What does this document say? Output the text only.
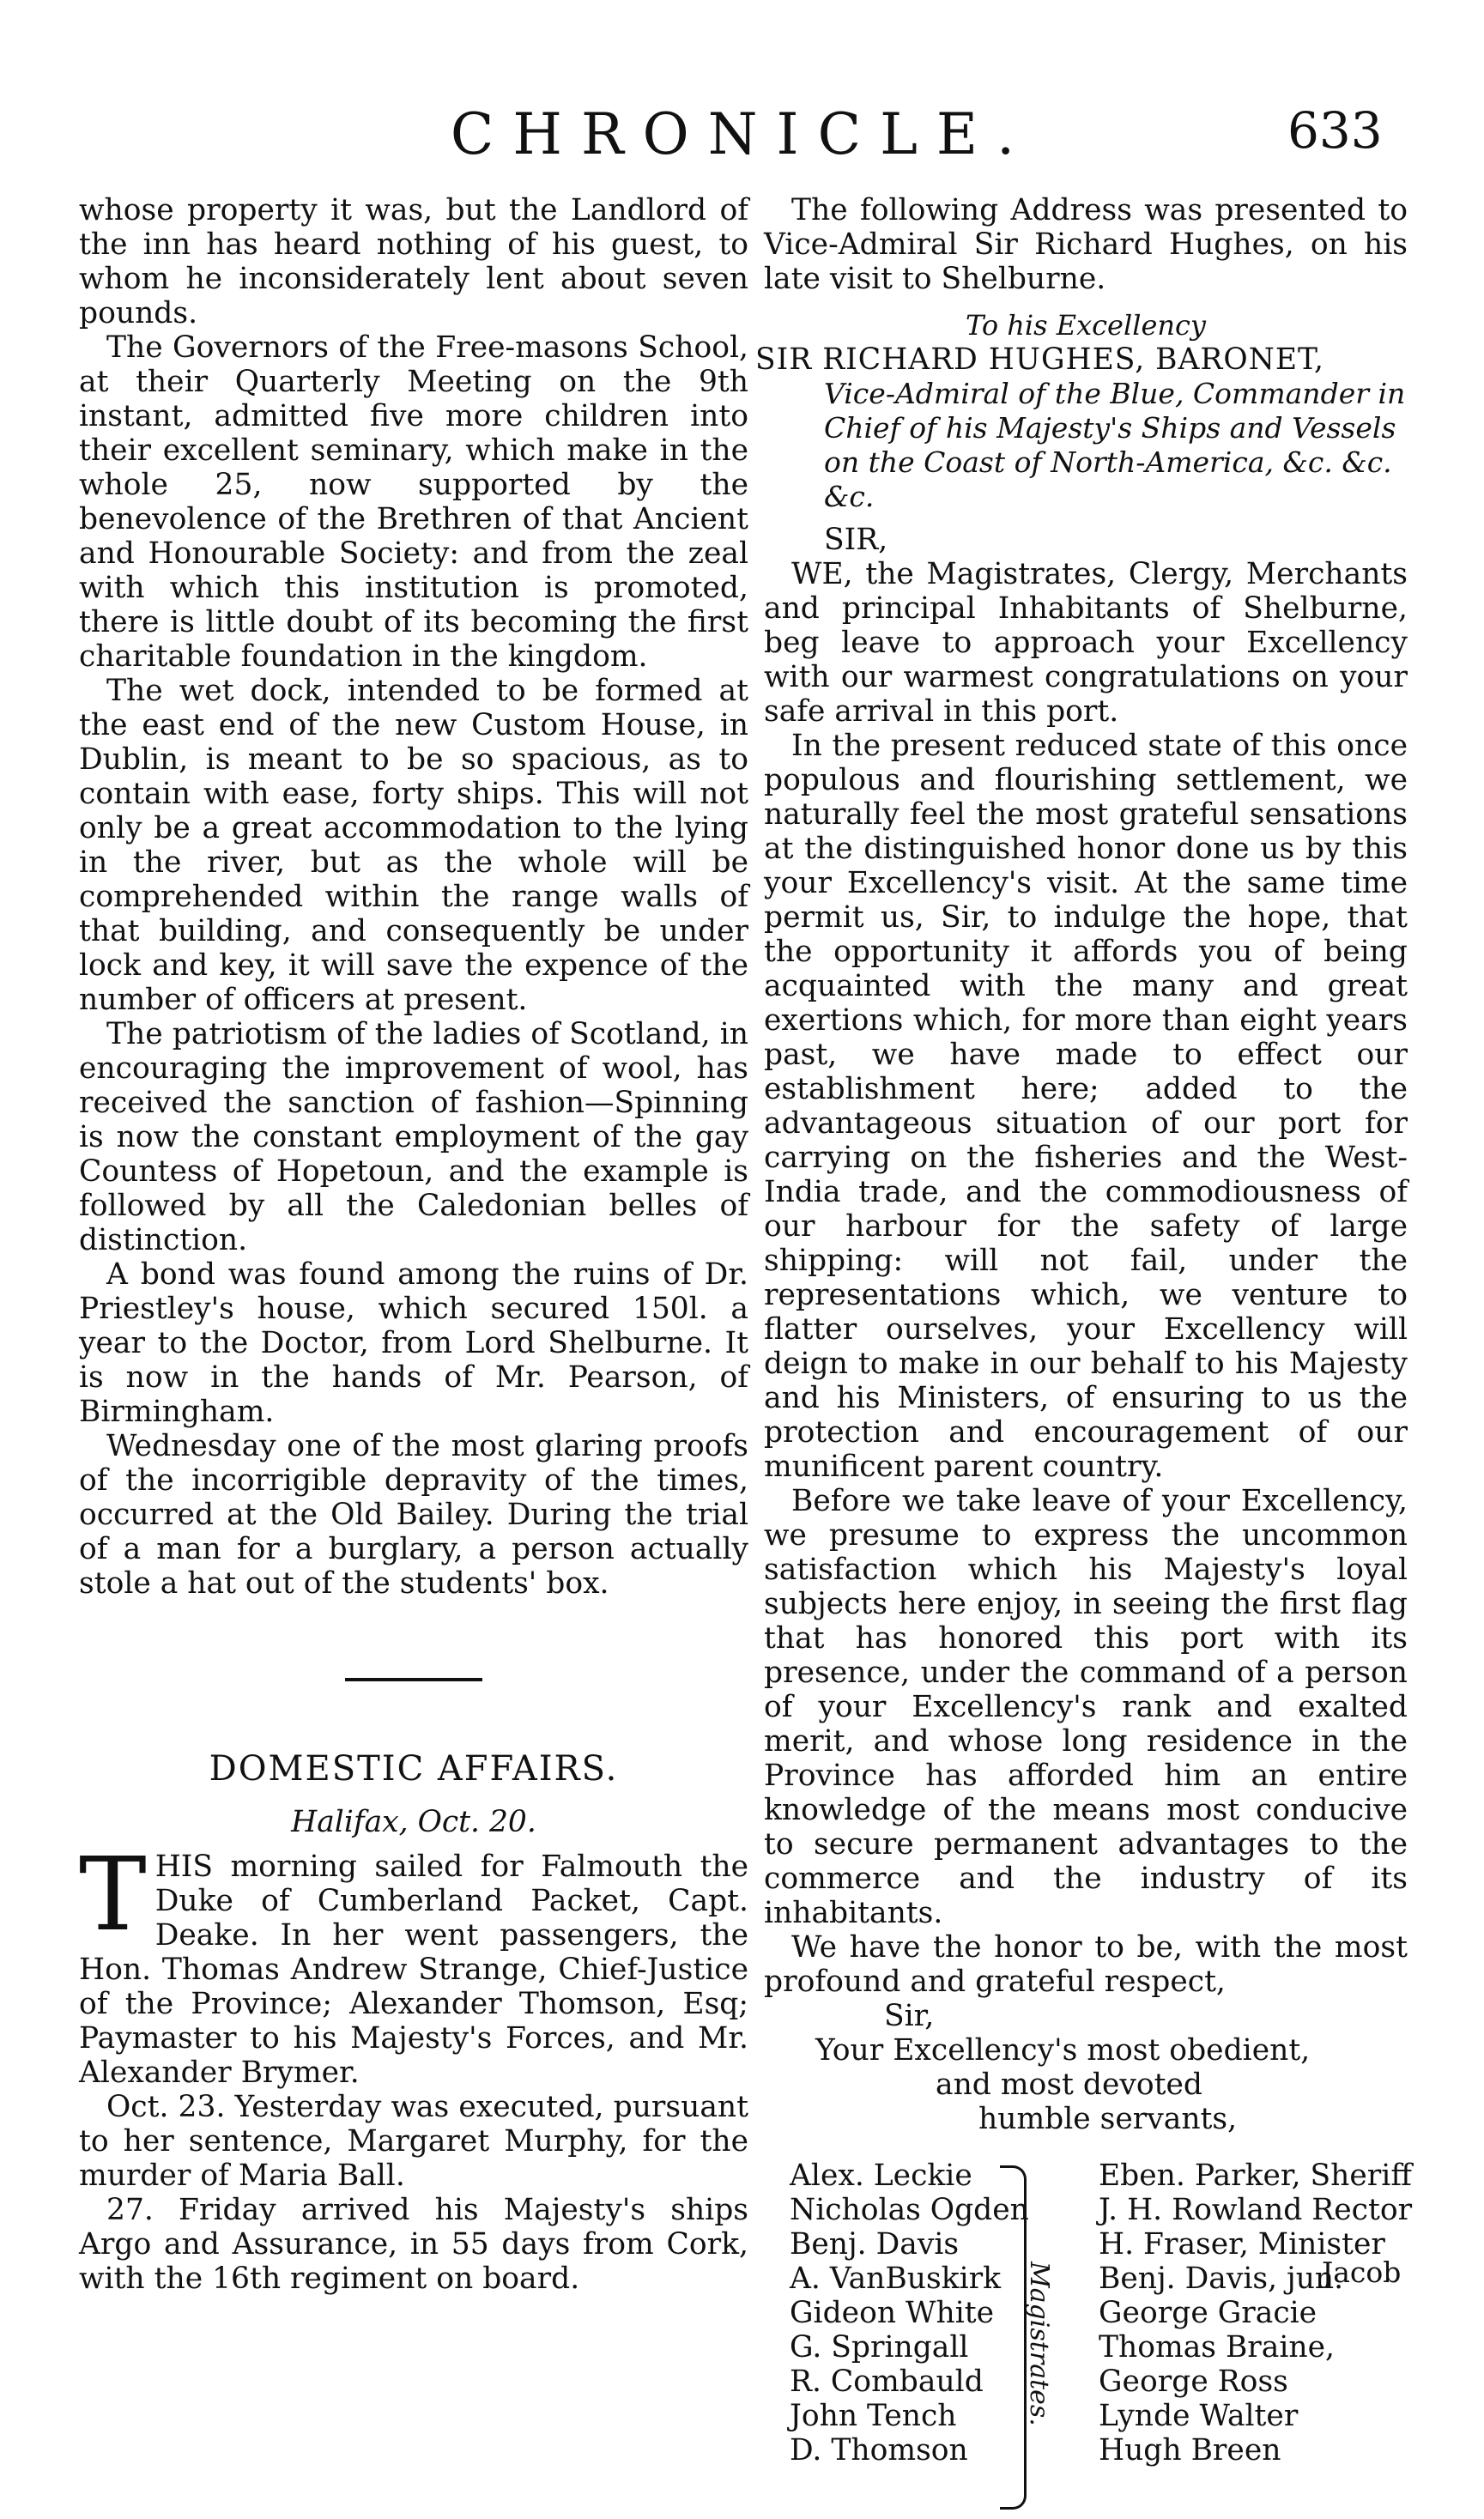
CHRONICLE.	633

whose property it was, but the Landlord of the inn has heard nothing of his guest, to whom he inconsiderately lent about seven pounds.

The Governors of the Free-masons School, at their Quarterly Meeting on the 9th instant, admitted five more children into their excellent seminary, which make in the whole 25, now supported by the benevolence of the Brethren of that Ancient and Honourable Society: and from the zeal with which this institution is promoted, there is little doubt of its becoming the first charitable foundation in the kingdom.

The wet dock, intended to be formed at the east end of the new Custom House, in Dublin, is meant to be so spacious, as to contain with ease, forty ships. This will not only be a great accommodation to the lying in the river, but as the whole will be comprehended within the range walls of that building, and consequently be under lock and key, it will save the expence of the number of officers at present.

The patriotism of the ladies of Scotland, in encouraging the improvement of wool, has received the sanction of fashion—Spinning is now the constant employment of the gay Countess of Hopetoun, and the example is followed by all the Caledonian belles of distinction.

A bond was found among the ruins of Dr. Priestley's house, which secured 150l. a year to the Doctor, from Lord Shelburne. It is now in the hands of Mr. Pearson, of Birmingham.

Wednesday one of the most glaring proofs of the incorrigible depravity of the times, occurred at the Old Bailey. During the trial of a man for a burglary, a person actually stole a hat out of the students' box.

DOMESTIC AFFAIRS.
Halifax, Oct. 20.

THIS morning sailed for Falmouth the Duke of Cumberland Packet, Capt. Deake. In her went passengers, the Hon. Thomas Andrew Strange, Chief-Justice of the Province; Alexander Thomson, Esq; Paymaster to his Majesty's Forces, and Mr. Alexander Brymer.

Oct. 23. Yesterday was executed, pursuant to her sentence, Margaret Murphy, for the murder of Maria Ball.

27. Friday arrived his Majesty's ships Argo and Assurance, in 55 days from Cork, with the 16th regiment on board.

The following Address was presented to Vice-Admiral Sir Richard Hughes, on his late visit to Shelburne.

To his Excellency
SIR RICHARD HUGHES, BARONET,
Vice-Admiral of the Blue, Commander in Chief of his Majesty's Ships and Vessels on the Coast of North-America, &c. &c. &c.
SIR,

WE, the Magistrates, Clergy, Merchants and principal Inhabitants of Shelburne, beg leave to approach your Excellency with our warmest congratulations on your safe arrival in this port.

In the present reduced state of this once populous and flourishing settlement, we naturally feel the most grateful sensations at the distinguished honor done us by this your Excellency's visit. At the same time permit us, Sir, to indulge the hope, that the opportunity it affords you of being acquainted with the many and great exertions which, for more than eight years past, we have made to effect our establishment here; added to the advantageous situation of our port for carrying on the fisheries and the West-India trade, and the commodiousness of our harbour for the safety of large shipping: will not fail, under the representations which, we venture to flatter ourselves, your Excellency will deign to make in our behalf to his Majesty and his Ministers, of ensuring to us the protection and encouragement of our munificent parent country.

Before we take leave of your Excellency, we presume to express the uncommon satisfaction which his Majesty's loyal subjects here enjoy, in seeing the first flag that has honored this port with its presence, under the command of a person of your Excellency's rank and exalted merit, and whose long residence in the Province has afforded him an entire knowledge of the means most conducive to secure permanent advantages to the commerce and the industry of its inhabitants.

We have the honor to be, with the most profound and grateful respect,

Sir,
Your Excellency's most obedient,
and most devoted
humble servants,
Alex. Leckie
Nicholas Ogden
Benj. Davis
A. VanBuskirk
Gideon White
G. Springall
R. Combauld
John Tench
D. Thomson
Magistrates.
Eben. Parker, Sheriff
J. H. Rowland Rector
H. Fraser, Minister
Benj. Davis, jun.
George Gracie
Thomas Braine,
George Ross
Lynde Walter
Hugh Breen
Jacob
